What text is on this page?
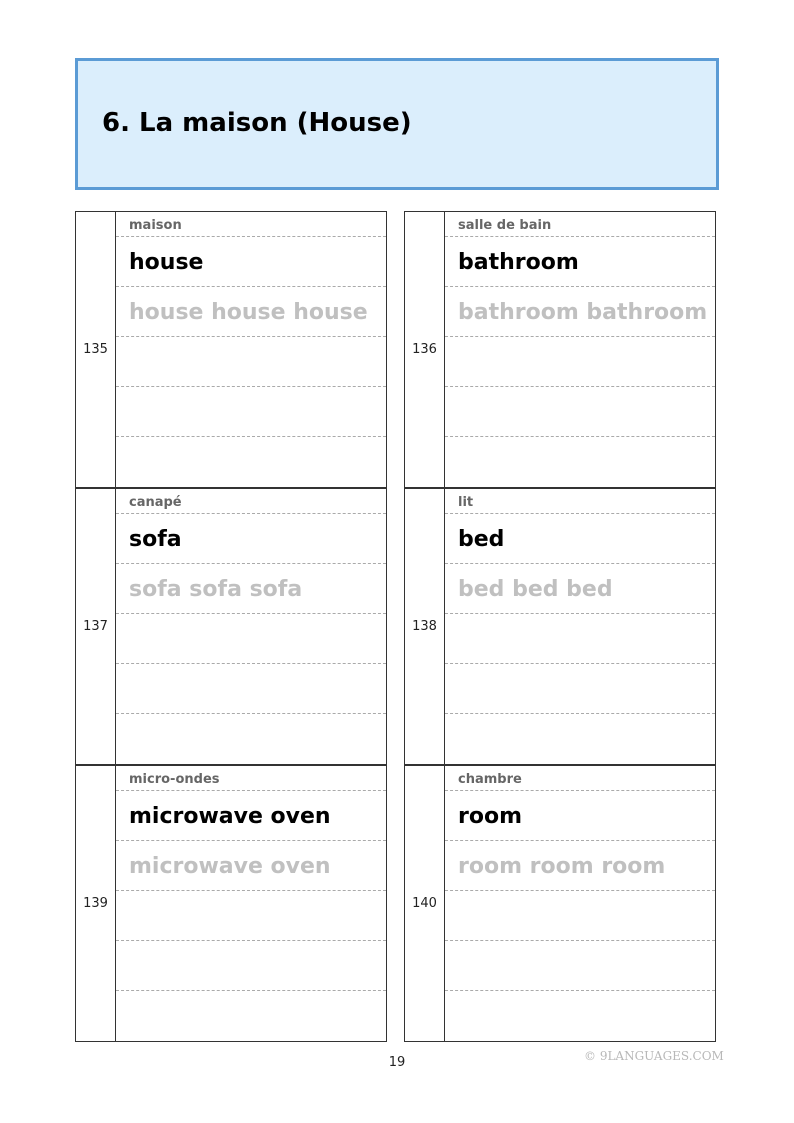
6. La maison (House)
135
maison
house
house house house
136
salle de bain
bathroom
bathroom bathroom
137
canapé
sofa
sofa sofa sofa
138
lit
bed
bed bed bed
139
micro-ondes
microwave oven
microwave oven
140
chambre
room
room room room
19	© 9LANGUAGES.COM
